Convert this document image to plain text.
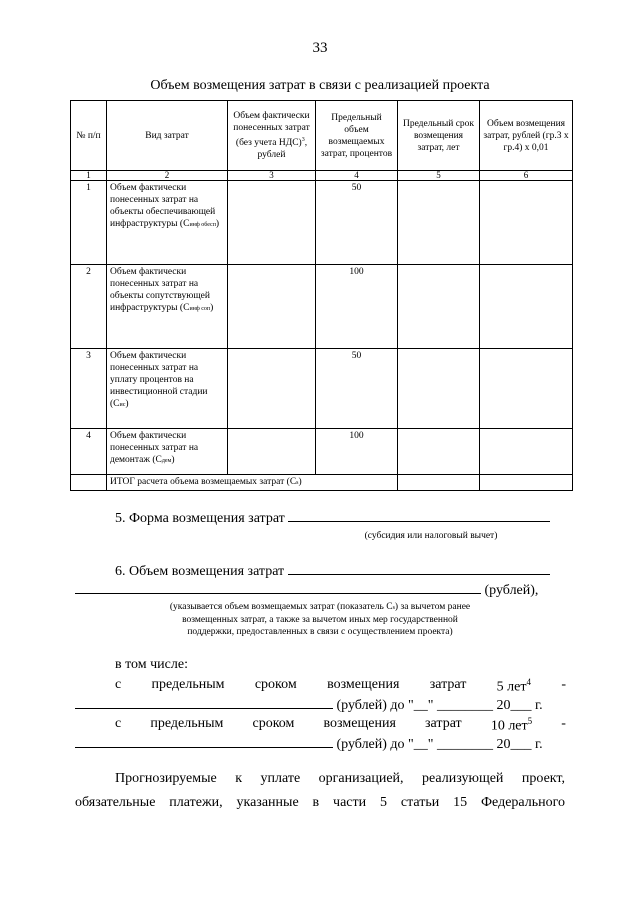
33
Объем возмещения затрат в связи с реализацией проекта
№ п/п	Вид затрат	Объем фактически понесенных затрат (без учета НДС)$^3$, рублей	Предельный объем возмещаемых затрат, процентов	Предельный срок возмещения затрат, лет	Объем возмещения затрат, рублей (гр.3 х гр.4) х 0,01
1	2	3	4	5	6
1	Объем фактически понесенных затрат на объекты обеспечивающей инфраструктуры (Синф обесп)		50		
2	Объем фактически понесенных затрат на объекты сопутствующей инфраструктуры (Синф соп)		100		
3	Объем фактически понесенных затрат на уплату процентов на инвестиционной стадии (Сис)		50		
4	Объем фактически понесенных затрат на демонтаж (Сдем)		100		
	ИТОГ расчета объема возмещаемых затрат (Сs)				
5. Форма возмещения затрат
(субсидия или налоговый вычет)
6. Объем возмещения затрат
(рублей),
(указывается объем возмещаемых затрат (показатель Сs) за вычетом ранее
возмещенных затрат, а также за вычетом иных мер государственной
поддержки, предоставленных в связи с осуществлением проекта)
в том числе:
с предельным сроком возмещения затрат 5 лет$^4$ -
(рублей) до "__" ________ 20___ г.
с предельным сроком возмещения затрат 10 лет$^5$ -
(рублей) до "__" ________ 20___ г.
Прогнозируемые к уплате организацией, реализующей проект,
обязательные платежи, указанные в части 5 статьи 15 Федерального
